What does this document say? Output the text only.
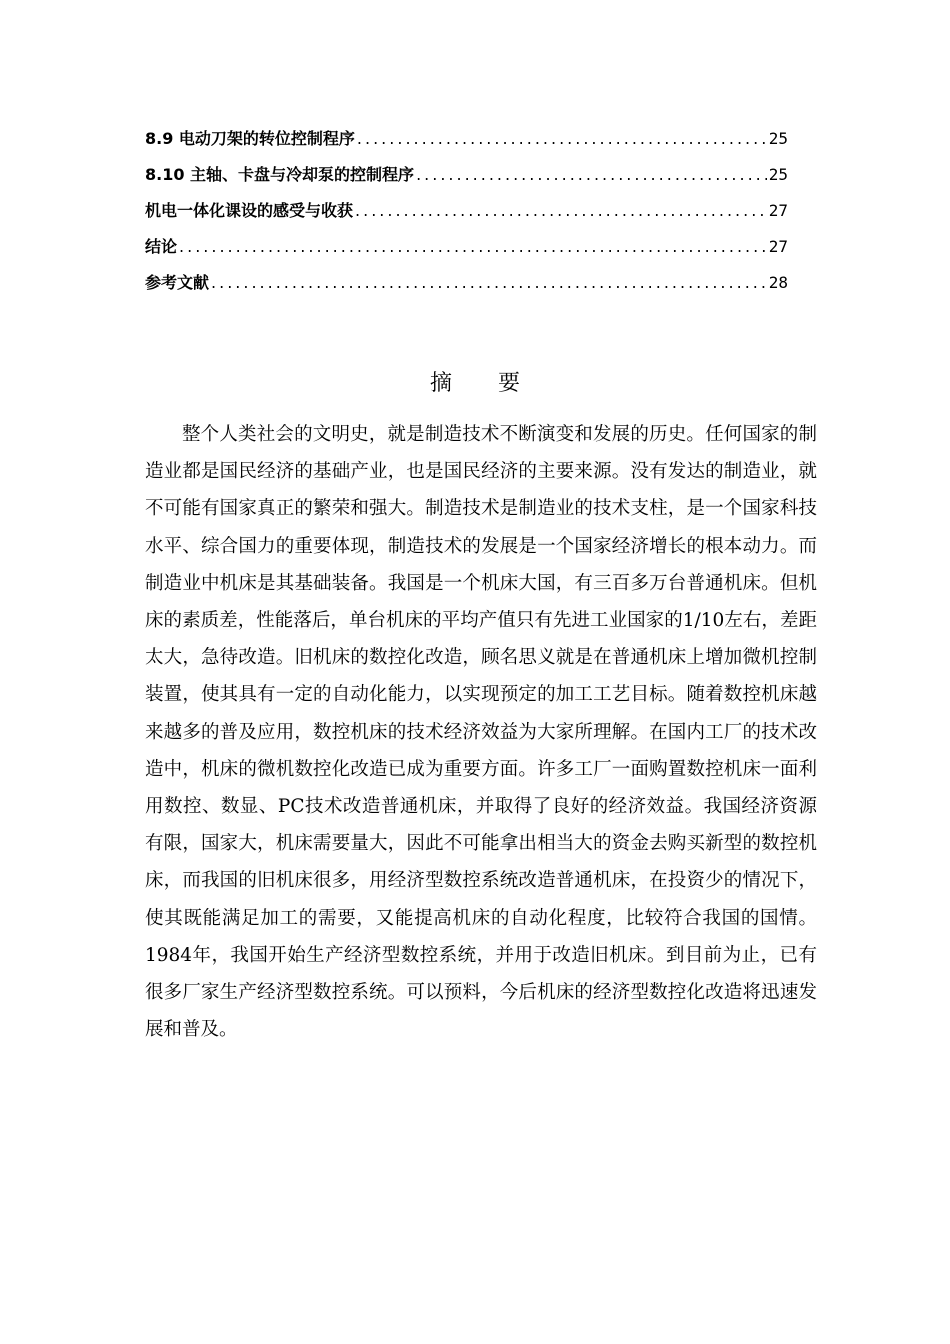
8.9 电动刀架的转位控制程序 .....	25
8.10 主轴、卡盘与冷却泵的控制程序 .....	25
机电一体化课设的感受与收获 .....	27
结论 .....	27
参考文献 .....	28
摘要

整个人类社会的文明史，就是制造技术不断演变和发展的历史。任何国家的制造业都是国民经济的基础产业，也是国民经济的主要来源。没有发达的制造业，就不可能有国家真正的繁荣和强大。制造技术是制造业的技术支柱，是一个国家科技水平、综合国力的重要体现，制造技术的发展是一个国家经济增长的根本动力。而制造业中机床是其基础装备。我国是一个机床大国，有三百多万台普通机床。但机床的素质差，性能落后，单台机床的平均产值只有先进工业国家的1/10左右，差距太大，急待改造。旧机床的数控化改造，顾名思义就是在普通机床上增加微机控制装置，使其具有一定的自动化能力，以实现预定的加工工艺目标。随着数控机床越来越多的普及应用，数控机床的技术经济效益为大家所理解。在国内工厂的技术改造中，机床的微机数控化改造已成为重要方面。许多工厂一面购置数控机床一面利用数控、数显、PC技术改造普通机床，并取得了良好的经济效益。我国经济资源有限，国家大，机床需要量大，因此不可能拿出相当大的资金去购买新型的数控机床，而我国的旧机床很多，用经济型数控系统改造普通机床，在投资少的情况下，使其既能满足加工的需要，又能提高机床的自动化程度，比较符合我国的国情。1984年，我国开始生产经济型数控系统，并用于改造旧机床。到目前为止，已有很多厂家生产经济型数控系统。可以预料，今后机床的经济型数控化改造将迅速发展和普及。
